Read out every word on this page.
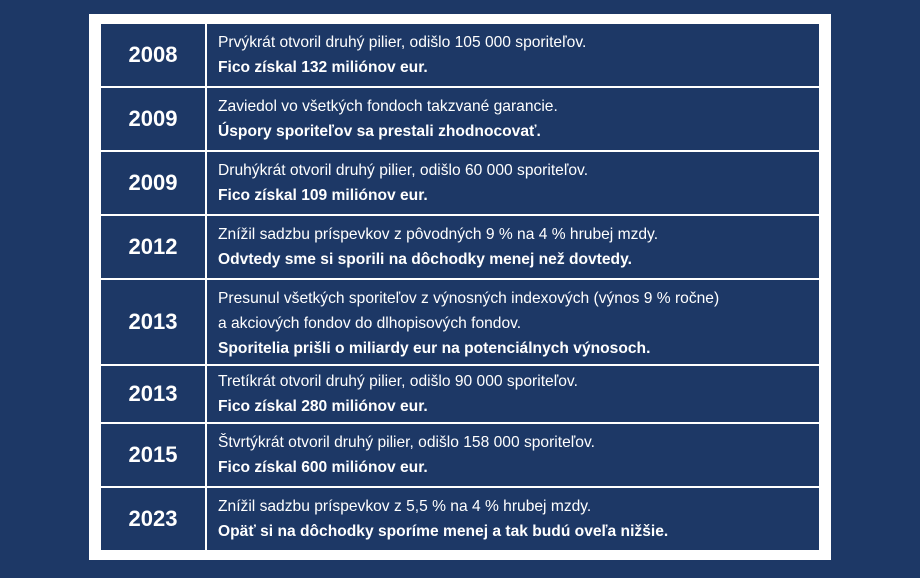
2008	Prvýkrát otvoril druhý pilier, odišlo 105 000 sporiteľov.
Fico získal 132 miliónov eur.
2009	Zaviedol vo všetkých fondoch takzvané garancie.
Úspory sporiteľov sa prestali zhodnocovať.
2009	Druhýkrát otvoril druhý pilier, odišlo 60 000 sporiteľov.
Fico získal 109 miliónov eur.
2012	Znížil sadzbu príspevkov z pôvodných 9 % na 4 % hrubej mzdy.
Odvtedy sme si sporili na dôchodky menej než dovtedy.
2013
Presunul všetkých sporiteľov z výnosných indexových (výnos 9 % ročne)
a akciových fondov do dlhopisových fondov.
Sporitelia prišli o miliardy eur na potenciálnych výnosoch.
2013	Tretíkrát otvoril druhý pilier, odišlo 90 000 sporiteľov.
Fico získal 280 miliónov eur.
2015	Štvrtýkrát otvoril druhý pilier, odišlo 158 000 sporiteľov.
Fico získal 600 miliónov eur.
2023	Znížil sadzbu príspevkov z 5,5 % na 4 % hrubej mzdy.
Opäť si na dôchodky sporíme menej a tak budú oveľa nižšie.
